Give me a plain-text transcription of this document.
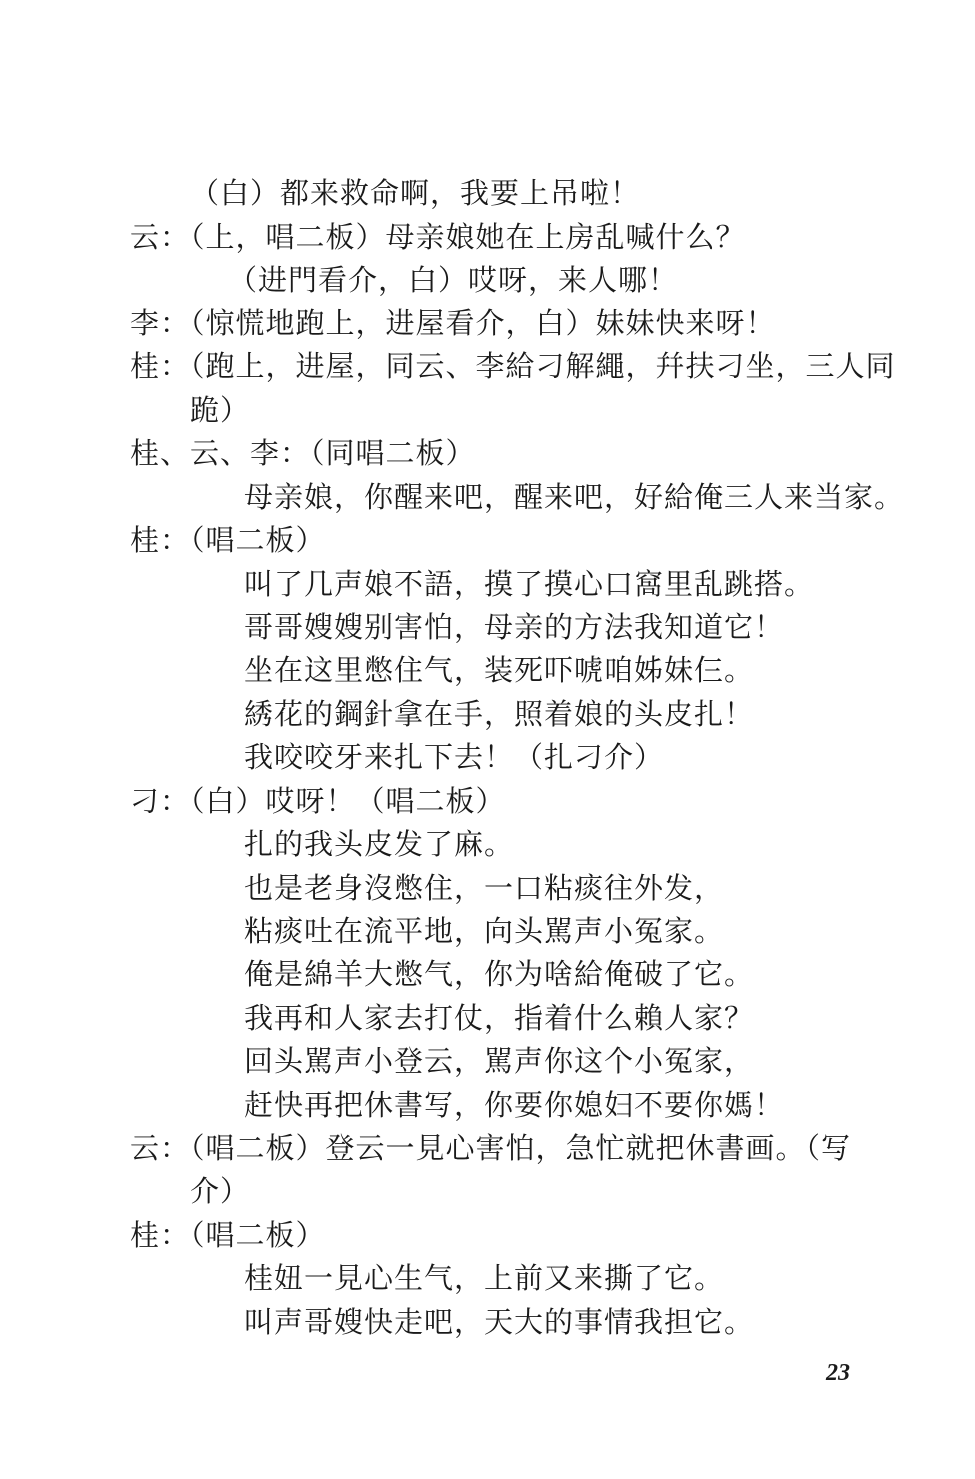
（白）都来救命啊，我要上吊啦！
云：（上，唱二板）母亲娘她在上房乱喊什么？
（进門看介，白）哎呀，来人哪！
李：（惊慌地跑上，进屋看介，白）妹妹快来呀！
桂：（跑上，进屋，同云、李給刁解繩，幷扶刁坐，三人同
跪）
桂、云、李：（同唱二板）
母亲娘，你醒来吧，醒来吧，好給俺三人来当家。
桂：（唱二板）
叫了几声娘不語，摸了摸心口窩里乱跳搭。
哥哥嫂嫂别害怕，母亲的方法我知道它！
坐在这里憋住气，装死吓唬咱姊妹仨。
綉花的鋼針拿在手，照着娘的头皮扎！
我咬咬牙来扎下去！（扎刁介）
刁：（白）哎呀！（唱二板）
扎的我头皮发了麻。
也是老身沒憋住，一口粘痰往外发，
粘痰吐在流平地，向头駡声小冤家。
俺是綿羊大憋气，你为啥給俺破了它。
我再和人家去打仗，指着什么賴人家？
回头駡声小登云，駡声你这个小冤家，
赶快再把休書写，你要你媳妇不要你媽！
云：（唱二板）登云一見心害怕，急忙就把休書画。（写
介）
桂：（唱二板）
桂妞一見心生气，上前又来撕了它。
叫声哥嫂快走吧，天大的事情我担它。
23
